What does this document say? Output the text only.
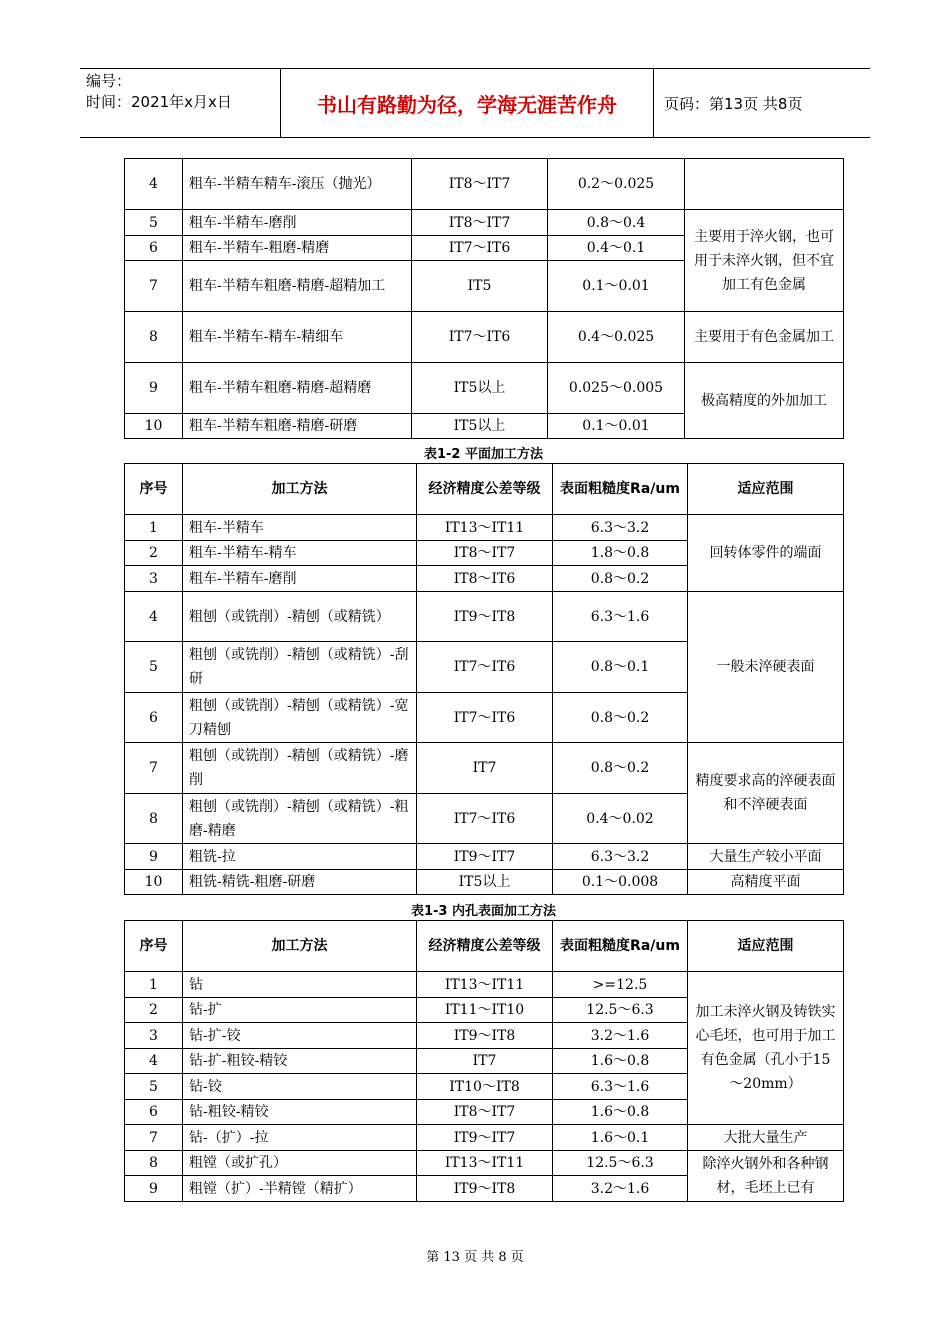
编号：
时间：2021年x月x日	书山有路勤为径，学海无涯苦作舟	页码：第13页 共8页
4	粗车-半精车精车-滚压（抛光）	IT8～IT7	0.2～0.025	
5	粗车-半精车-磨削	IT8～IT7	0.8～0.4	主要用于淬火钢，也可用于未淬火钢，但不宜加工有色金属
6	粗车-半精车-粗磨-精磨	IT7～IT6	0.4～0.1	
7	粗车-半精车粗磨-精磨-超精加工	IT5	0.1～0.01	
8	粗车-半精车-精车-精细车	IT7～IT6	0.4～0.025	主要用于有色金属加工
9	粗车-半精车粗磨-精磨-超精磨	IT5以上	0.025～0.005	极高精度的外加加工
10	粗车-半精车粗磨-精磨-研磨	IT5以上	0.1～0.01	
表1-2 平面加工方法
序号	加工方法	经济精度公差等级	表面粗糙度Ra/um	适应范围
1	粗车-半精车	IT13～IT11	6.3～3.2	回转体零件的端面
2	粗车-半精车-精车	IT8～IT7	1.8～0.8	
3	粗车-半精车-磨削	IT8～IT6	0.8～0.2	
4	粗刨（或铣削）-精刨（或精铣）	IT9～IT8	6.3～1.6	一般未淬硬表面
5	粗刨（或铣削）-精刨（或精铣）-刮研	IT7～IT6	0.8～0.1	
6	粗刨（或铣削）-精刨（或精铣）-宽刀精刨	IT7～IT6	0.8～0.2	
7	粗刨（或铣削）-精刨（或精铣）-磨削	IT7	0.8～0.2	精度要求高的淬硬表面和不淬硬表面
8	粗刨（或铣削）-精刨（或精铣）-粗磨-精磨	IT7～IT6	0.4～0.02	
9	粗铣-拉	IT9～IT7	6.3～3.2	大量生产较小平面
10	粗铣-精铣-粗磨-研磨	IT5以上	0.1～0.008	高精度平面
表1-3 内孔表面加工方法
序号	加工方法	经济精度公差等级	表面粗糙度Ra/um	适应范围
1	钻	IT13～IT11	>=12.5	加工未淬火钢及铸铁实心毛坯，也可用于加工有色金属（孔小于15～20mm）
2	钻-扩	IT11～IT10	12.5～6.3	
3	钻-扩-铰	IT9～IT8	3.2～1.6	
4	钻-扩-粗铰-精铰	IT7	1.6～0.8	
5	钻-铰	IT10～IT8	6.3～1.6	
6	钻-粗铰-精铰	IT8～IT7	1.6～0.8	
7	钻-（扩）-拉	IT9～IT7	1.6～0.1	大批大量生产
8	粗镗（或扩孔）	IT13～IT11	12.5～6.3	除淬火钢外和各种钢材，毛坯上已有
9	粗镗（扩）-半精镗（精扩）	IT9～IT8	3.2～1.6	
第 13 页 共 8 页
